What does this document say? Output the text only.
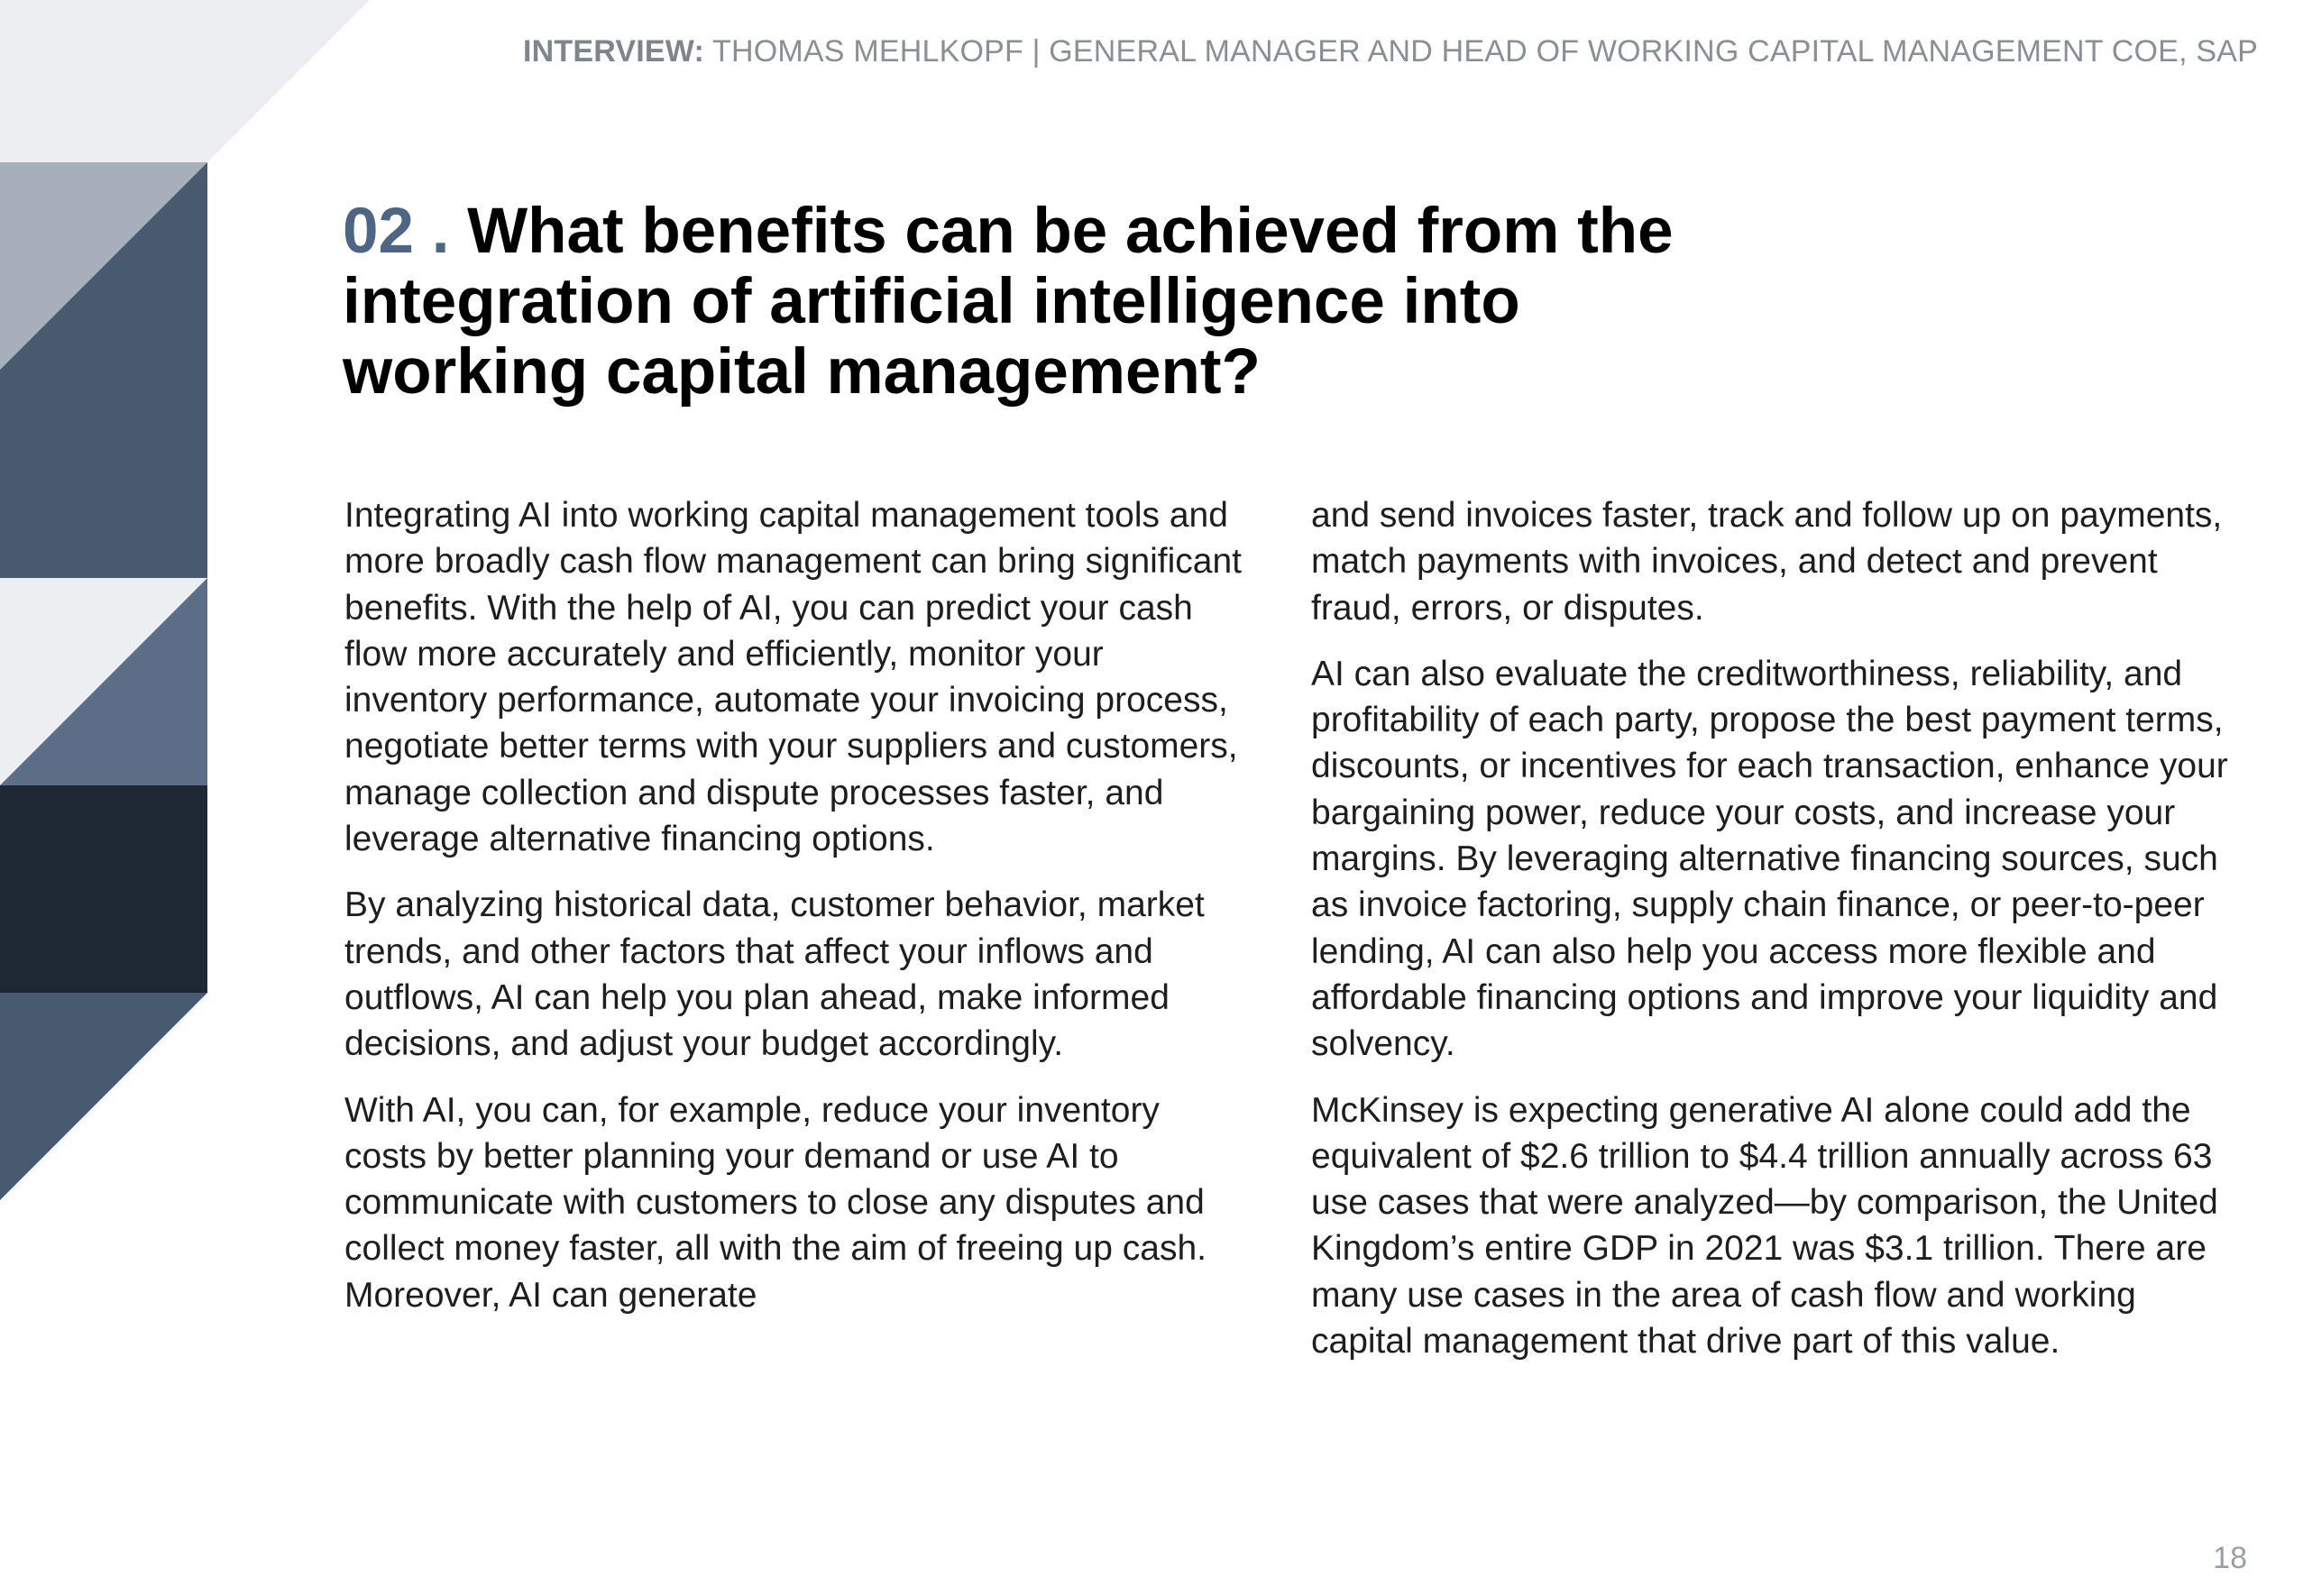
INTERVIEW: THOMAS MEHLKOPF | GENERAL MANAGER AND HEAD OF WORKING CAPITAL MANAGEMENT COE, SAP
02 . What benefits can be achieved from the integration of artificial intelligence into working capital management?

Integrating AI into working capital management tools and more broadly cash flow management can bring significant benefits. With the help of AI, you can predict your cash flow more accurately and efficiently, monitor your inventory performance, automate your invoicing process, negotiate better terms with your suppliers and customers, manage collection and dispute processes faster, and leverage alternative financing options.

By analyzing historical data, customer behavior, market trends, and other factors that affect your inflows and outflows, AI can help you plan ahead, make informed decisions, and adjust your budget accordingly.

With AI, you can, for example, reduce your inventory costs by better planning your demand or use AI to communicate with customers to close any disputes and collect money faster, all with the aim of freeing up cash. Moreover, AI can generate

and send invoices faster, track and follow up on payments, match payments with invoices, and detect and prevent fraud, errors, or disputes.

AI can also evaluate the creditworthiness, reliability, and profitability of each party, propose the best payment terms, discounts, or incentives for each transaction, enhance your bargaining power, reduce your costs, and increase your margins. By leveraging alternative financing sources, such as invoice factoring, supply chain finance, or peer-to-peer lending, AI can also help you access more flexible and affordable financing options and improve your liquidity and solvency.

McKinsey is expecting generative AI alone could add the equivalent of $2.6 trillion to $4.4 trillion annually across 63 use cases that were analyzed—by comparison, the United Kingdom’s entire GDP in 2021 was $3.1 trillion. There are many use cases in the area of cash flow and working capital management that drive part of this value.

18
